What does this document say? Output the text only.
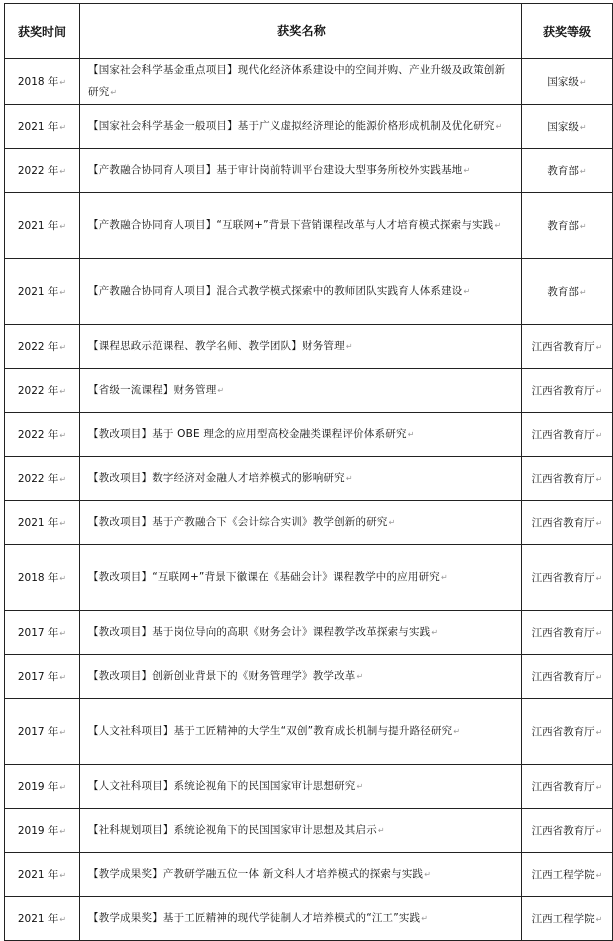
获奖时间	获奖名称	获奖等级
2018 年↵	【国家社会科学基金重点项目】现代化经济体系建设中的空间并购、产业升级及政策创新研究↵	国家级↵
2021 年↵	【国家社会科学基金一般项目】基于广义虚拟经济理论的能源价格形成机制及优化研究↵	国家级↵
2022 年↵	【产教融合协同育人项目】基于审计岗前特训平台建设大型事务所校外实践基地↵	教育部↵
2021 年↵	【产教融合协同育人项目】“互联网+”背景下营销课程改革与人才培育模式探索与实践↵	教育部↵
2021 年↵	【产教融合协同育人项目】混合式教学模式探索中的教师团队实践育人体系建设↵	教育部↵
2022 年↵	【课程思政示范课程、教学名师、教学团队】财务管理↵	江西省教育厅↵
2022 年↵	【省级一流课程】财务管理↵	江西省教育厅↵
2022 年↵	【教改项目】基于 OBE 理念的应用型高校金融类课程评价体系研究↵	江西省教育厅↵
2022 年↵	【教改项目】数字经济对金融人才培养模式的影响研究↵	江西省教育厅↵
2021 年↵	【教改项目】基于产教融合下《会计综合实训》教学创新的研究↵	江西省教育厅↵
2018 年↵	【教改项目】“互联网+”背景下徽课在《基础会计》课程教学中的应用研究↵	江西省教育厅↵
2017 年↵	【教改项目】基于岗位导向的高职《财务会计》课程教学改革探索与实践↵	江西省教育厅↵
2017 年↵	【教改项目】创新创业背景下的《财务管理学》教学改革↵	江西省教育厅↵
2017 年↵	【人文社科项目】基于工匠精神的大学生“双创”教育成长机制与提升路径研究↵	江西省教育厅↵
2019 年↵	【人文社科项目】系统论视角下的民国国家审计思想研究↵	江西省教育厅↵
2019 年↵	【社科规划项目】系统论视角下的民国国家审计思想及其启示↵	江西省教育厅↵
2021 年↵	【教学成果奖】产教研学融五位一体 新文科人才培养模式的探索与实践↵	江西工程学院↵
2021 年↵	【教学成果奖】基于工匠精神的现代学徒制人才培养模式的“江工”实践↵	江西工程学院↵
